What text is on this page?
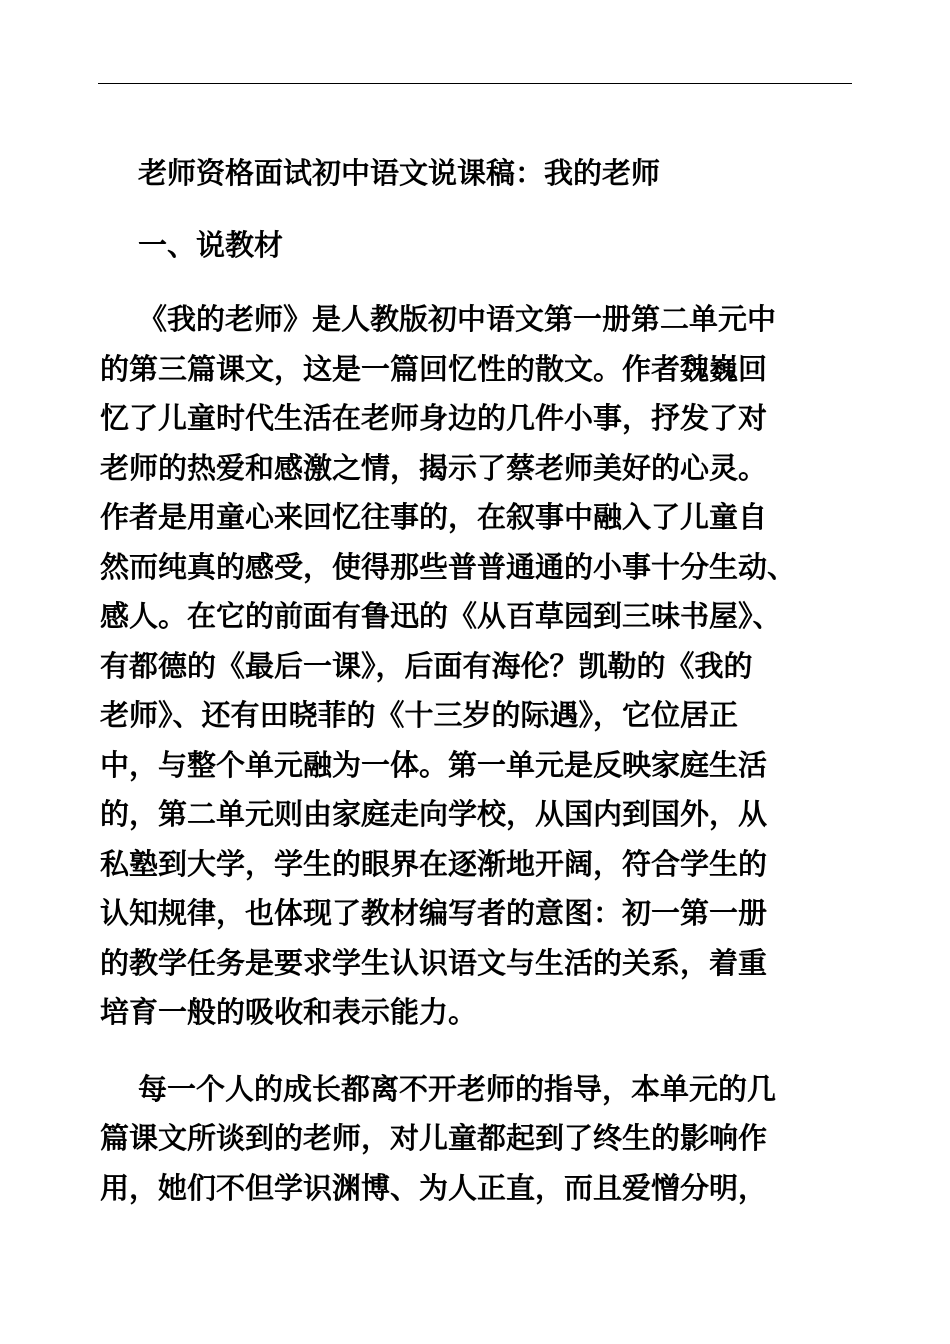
老师资格面试初中语文说课稿：我的老师
一、说教材

《我的老师》是人教版初中语文第一册第二单元中
的第三篇课文，这是一篇回忆性的散文。作者魏巍回
忆了儿童时代生活在老师身边的几件小事，抒发了对
老师的热爱和感激之情，揭示了蔡老师美好的心灵。
作者是用童心来回忆往事的，在叙事中融入了儿童自
然而纯真的感受，使得那些普普通通的小事十分生动、
感人。在它的前面有鲁迅的《从百草园到三味书屋》、
有都德的《最后一课》，后面有海伦？凯勒的《我的
老师》、还有田晓菲的《十三岁的际遇》，它位居正
中，与整个单元融为一体。第一单元是反映家庭生活
的，第二单元则由家庭走向学校，从国内到国外，从
私塾到大学，学生的眼界在逐渐地开阔，符合学生的
认知规律，也体现了教材编写者的意图：初一第一册
的教学任务是要求学生认识语文与生活的关系，着重
培育一般的吸收和表示能力。

每一个人的成长都离不开老师的指导，本单元的几
篇课文所谈到的老师，对儿童都起到了终生的影响作
用，她们不但学识渊博、为人正直，而且爱憎分明，
